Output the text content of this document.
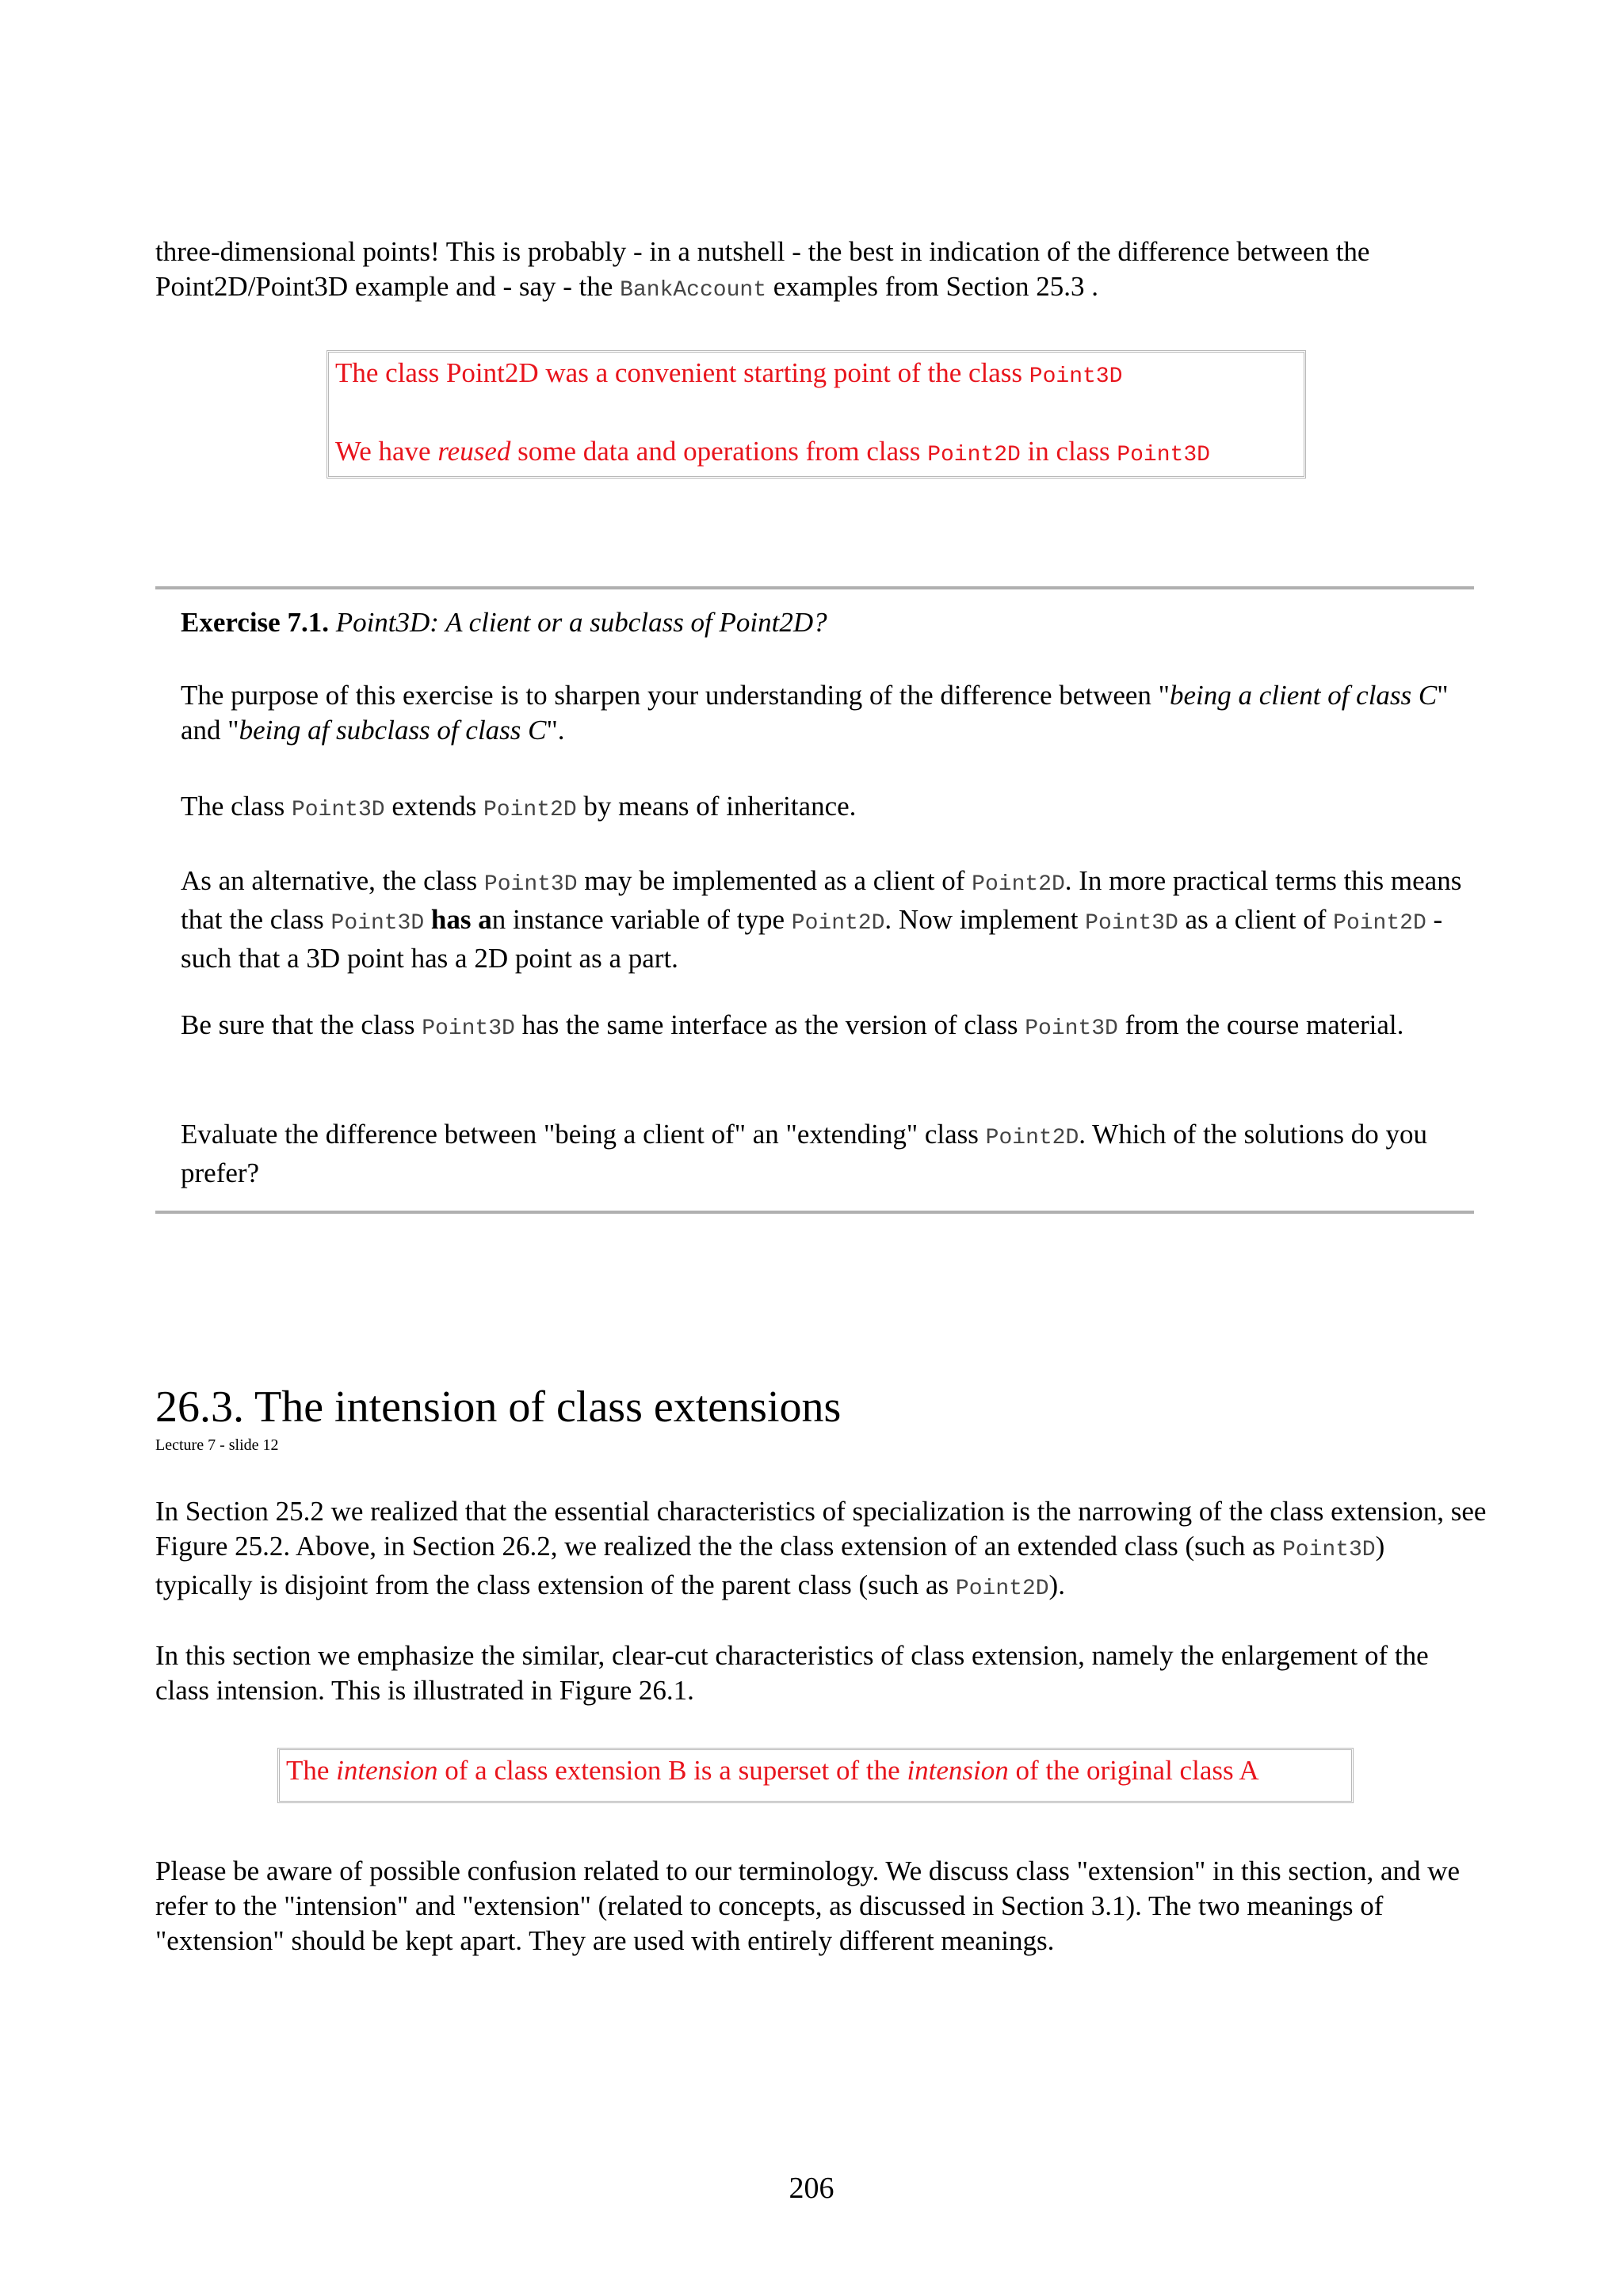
three-dimensional points! This is probably - in a nutshell - the best in indication of the difference between the Point2D/Point3D example and - say - the BankAccount examples from Section 25.3 .

The class Point2D was a convenient starting point of the class Point3D

We have reused some data and operations from class Point2D in class Point3D

Exercise 7.1. Point3D: A client or a subclass of Point2D?

The purpose of this exercise is to sharpen your understanding of the difference between "being a client of class C" and "being af subclass of class C".

The class Point3D extends Point2D by means of inheritance.

As an alternative, the class Point3D may be implemented as a client of Point2D. In more practical terms this means that the class Point3D has an instance variable of type Point2D. Now implement Point3D as a client of Point2D - such that a 3D point has a 2D point as a part.

Be sure that the class Point3D has the same interface as the version of class Point3D from the course material.

Evaluate the difference between "being a client of" an "extending" class Point2D. Which of the solutions do you prefer?

26.3. The intension of class extensions
Lecture 7 - slide 12

In Section 25.2 we realized that the essential characteristics of specialization is the narrowing of the class extension, see Figure 25.2. Above, in Section 26.2, we realized the the class extension of an extended class (such as Point3D) typically is disjoint from the class extension of the parent class (such as Point2D).

In this section we emphasize the similar, clear-cut characteristics of class extension, namely the enlargement of the class intension. This is illustrated in Figure 26.1.

The intension of a class extension B is a superset of the intension of the original class A

Please be aware of possible confusion related to our terminology. We discuss class "extension" in this section, and we refer to the "intension" and "extension" (related to concepts, as discussed in Section 3.1). The two meanings of "extension" should be kept apart. They are used with entirely different meanings.

206
